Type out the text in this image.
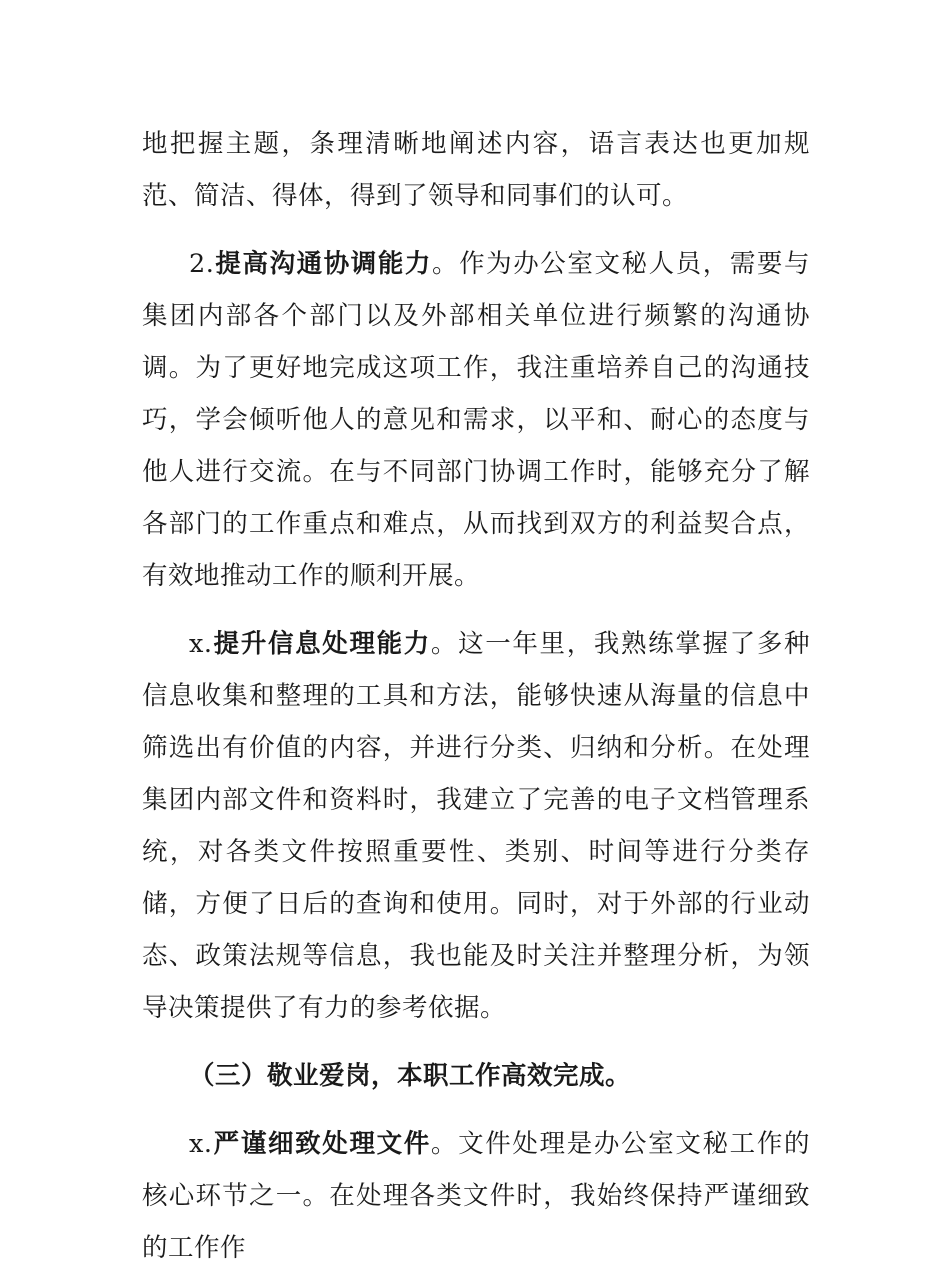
地把握主题，条理清晰地阐述内容，语言表达也更加规范、简洁、得体，得到了领导和同事们的认可。

2.提高沟通协调能力。作为办公室文秘人员，需要与集团内部各个部门以及外部相关单位进行频繁的沟通协调。为了更好地完成这项工作，我注重培养自己的沟通技巧，学会倾听他人的意见和需求，以平和、耐心的态度与他人进行交流。在与不同部门协调工作时，能够充分了解各部门的工作重点和难点，从而找到双方的利益契合点，有效地推动工作的顺利开展。

x.提升信息处理能力。这一年里，我熟练掌握了多种信息收集和整理的工具和方法，能够快速从海量的信息中筛选出有价值的内容，并进行分类、归纳和分析。在处理集团内部文件和资料时，我建立了完善的电子文档管理系统，对各类文件按照重要性、类别、时间等进行分类存储，方便了日后的查询和使用。同时，对于外部的行业动态、政策法规等信息，我也能及时关注并整理分析，为领导决策提供了有力的参考依据。

（三）敬业爱岗，本职工作高效完成。

x.严谨细致处理文件。文件处理是办公室文秘工作的核心环节之一。在处理各类文件时，我始终保持严谨细致的工作作
